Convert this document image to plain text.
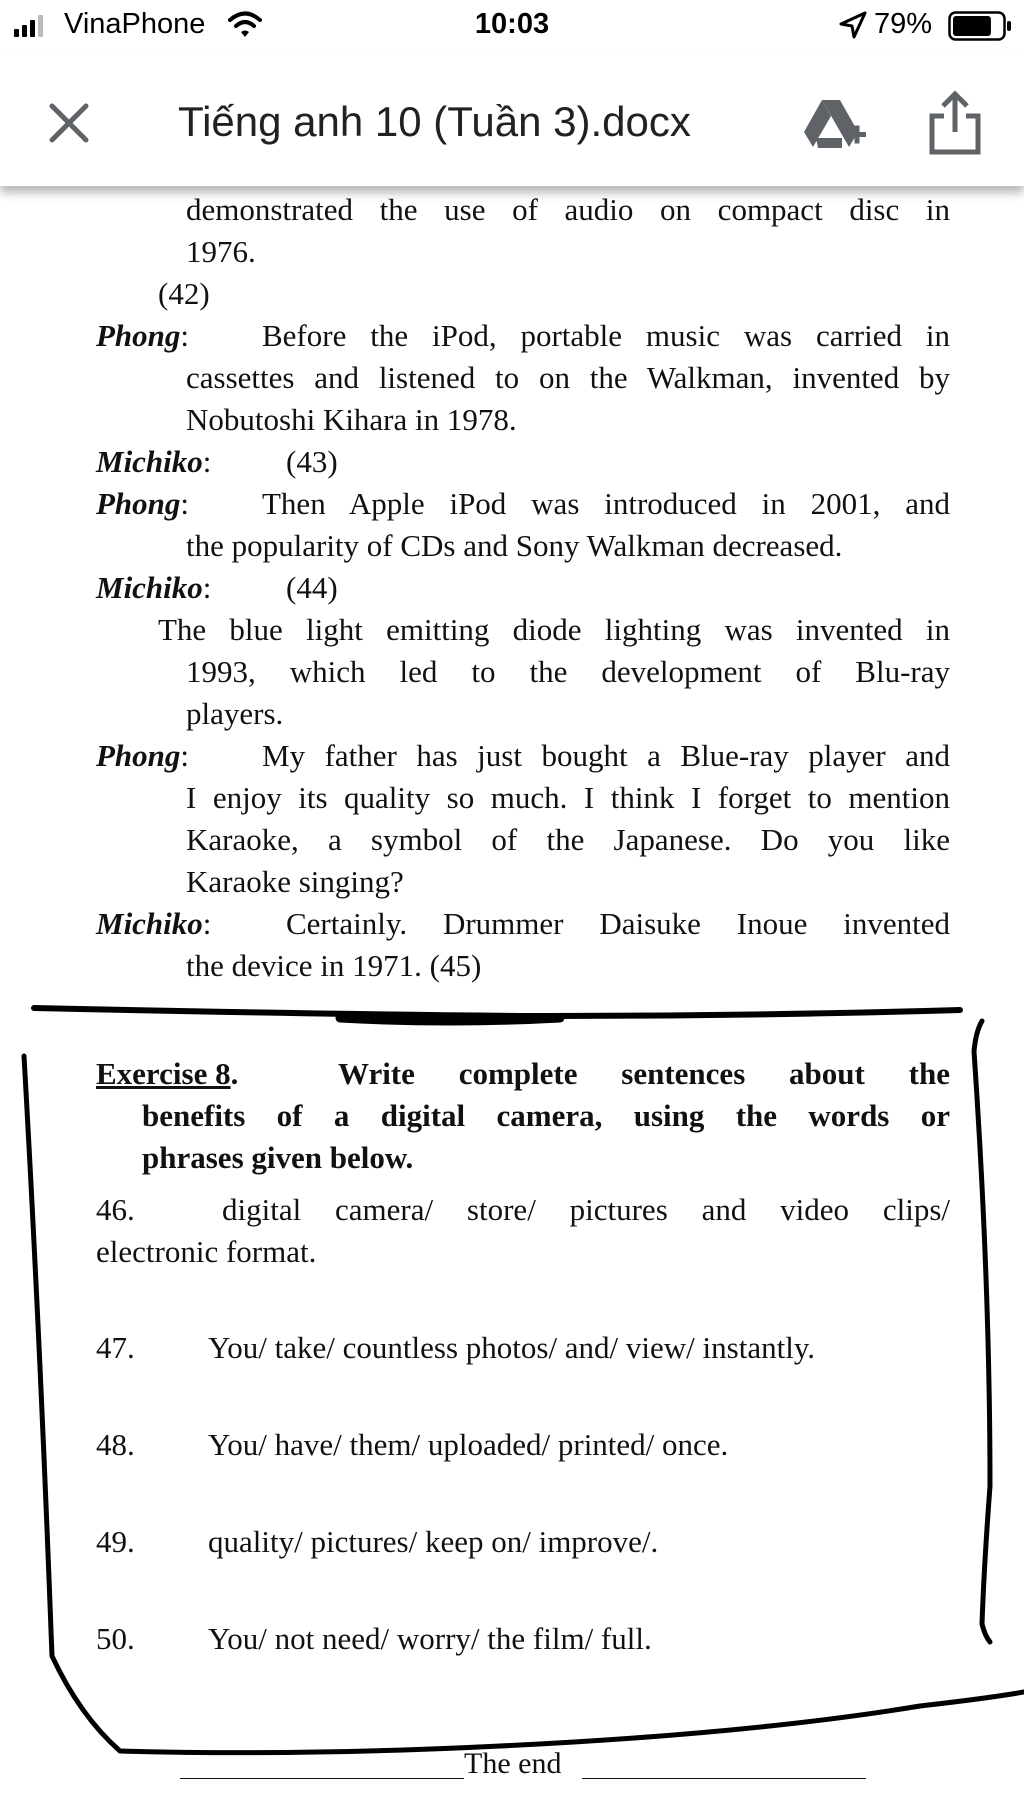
VinaPhone	10:03	79%
Tiếng anh 10 (Tuần 3).docx
demonstrated the use of audio on compact disc in
1976.
(42)
Phong: Before the iPod, portable music was carried in
cassettes and listened to on the Walkman, invented by
Nobutoshi Kihara in 1978.
Michiko: (43)
Phong: Then Apple iPod was introduced in 2001, and
the popularity of CDs and Sony Walkman decreased.
Michiko: (44)
The blue light emitting diode lighting was invented in
1993, which led to the development of Blu-ray
players.
Phong: My father has just bought a Blue-ray player and
I enjoy its quality so much. I think I forget to mention
Karaoke, a symbol of the Japanese. Do you like
Karaoke singing?
Michiko: Certainly. Drummer Daisuke Inoue invented
the device in 1971. (45)
Exercise 8.	Write complete sentences about the
benefits of a digital camera, using the words or
phrases given below.
46.	digital camera/ store/ pictures and video clips/
electronic format.
47. You/ take/ countless photos/ and/ view/ instantly.
48. You/ have/ them/ uploaded/ printed/ once.
49. quality/ pictures/ keep on/ improve/.
50. You/ not need/ worry/ the film/ full.
The end
